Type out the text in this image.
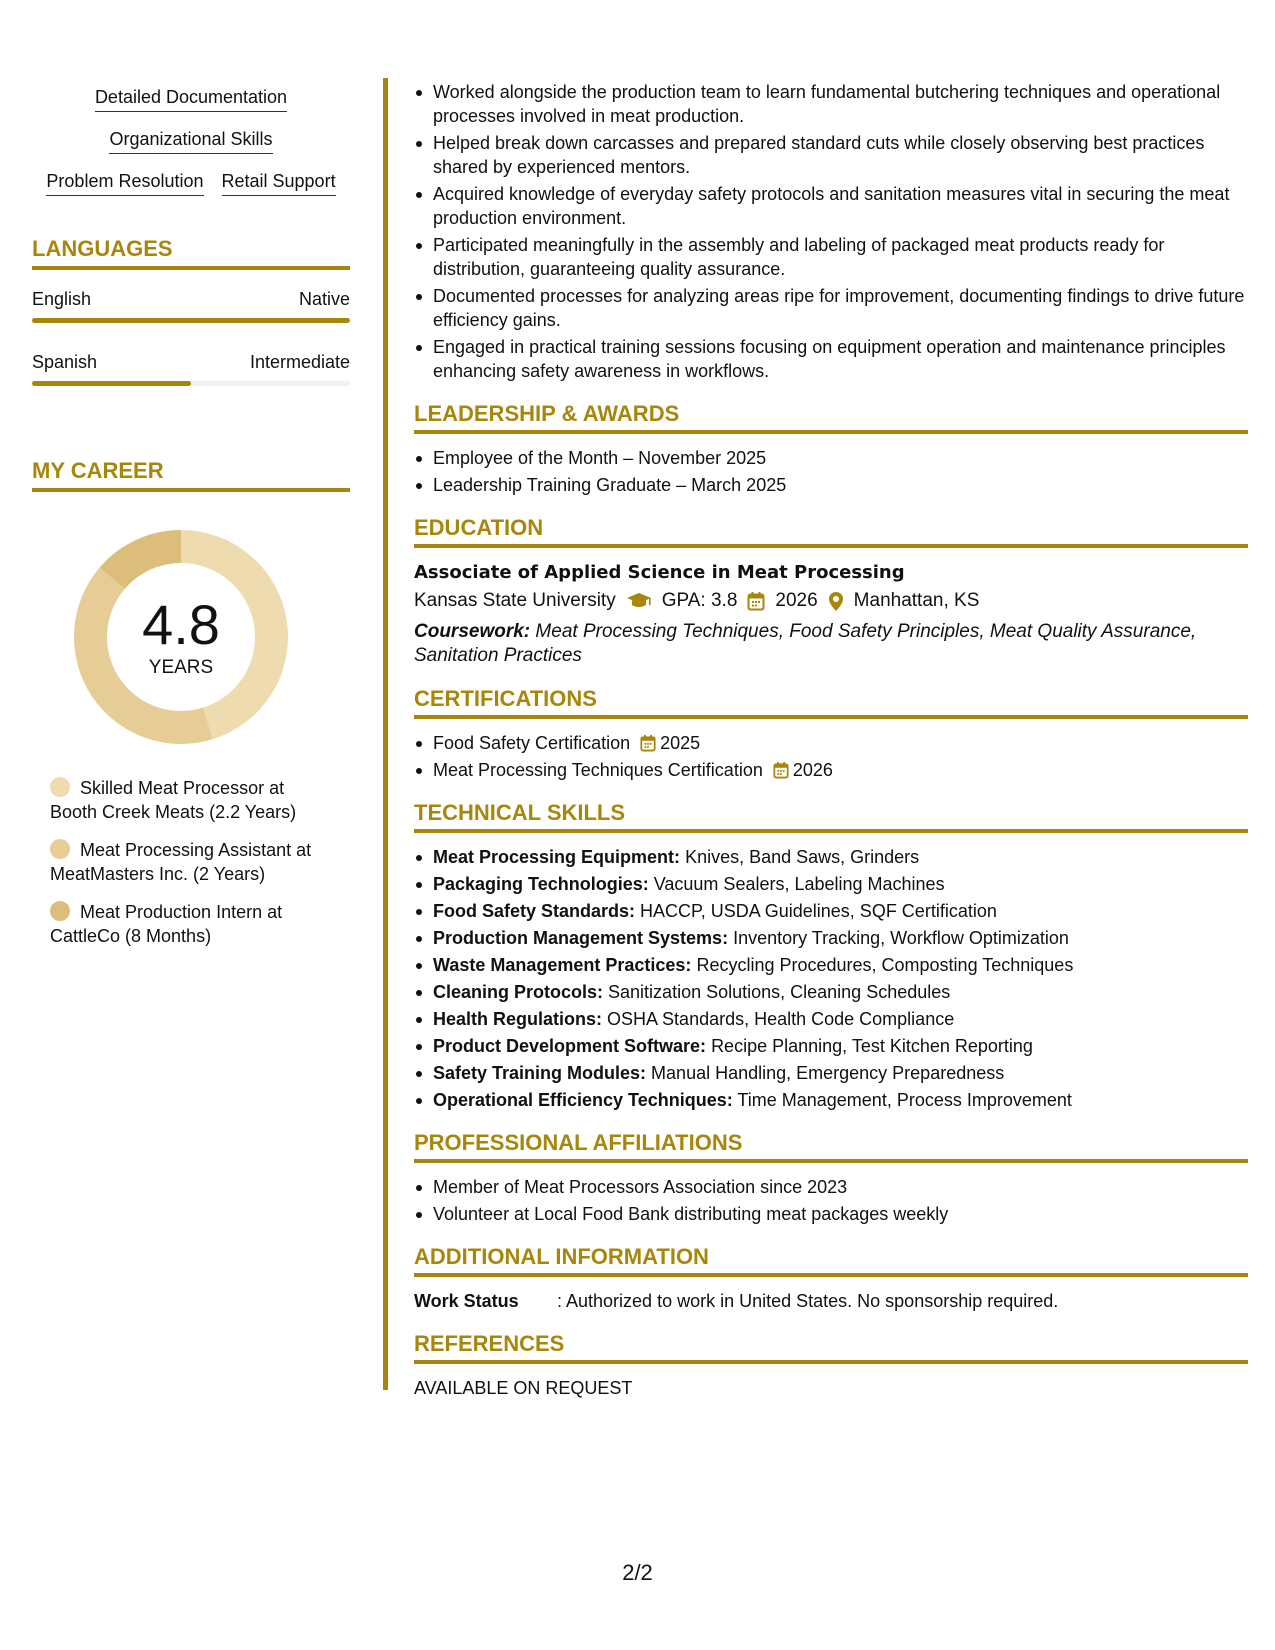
Detailed Documentation
Organizational Skills
Problem Resolution Retail Support
LANGUAGES
English	Native
Spanish	Intermediate
MY CAREER
4.8
YEARS
Skilled Meat Processor at Booth Creek Meats (2.2 Years)
Meat Processing Assistant at MeatMasters Inc. (2 Years)
Meat Production Intern at CattleCo (8 Months)
Worked alongside the production team to learn fundamental butchering techniques and operational processes involved in meat production.
Helped break down carcasses and prepared standard cuts while closely observing best practices shared by experienced mentors.
Acquired knowledge of everyday safety protocols and sanitation measures vital in securing the meat production environment.
Participated meaningfully in the assembly and labeling of packaged meat products ready for distribution, guaranteeing quality assurance.
Documented processes for analyzing areas ripe for improvement, documenting findings to drive future efficiency gains.
Engaged in practical training sessions focusing on equipment operation and maintenance principles enhancing safety awareness in workflows.
LEADERSHIP & AWARDS
Employee of the Month – November 2025
Leadership Training Graduate – March 2025
EDUCATION
Associate of Applied Science in Meat Processing
Kansas State University GPA: 3.8 2026 Manhattan, KS
Coursework: Meat Processing Techniques, Food Safety Principles, Meat Quality Assurance, Sanitation Practices
CERTIFICATIONS
Food Safety Certification 2025
Meat Processing Techniques Certification 2026
TECHNICAL SKILLS
Meat Processing Equipment: Knives, Band Saws, Grinders
Packaging Technologies: Vacuum Sealers, Labeling Machines
Food Safety Standards: HACCP, USDA Guidelines, SQF Certification
Production Management Systems: Inventory Tracking, Workflow Optimization
Waste Management Practices: Recycling Procedures, Composting Techniques
Cleaning Protocols: Sanitization Solutions, Cleaning Schedules
Health Regulations: OSHA Standards, Health Code Compliance
Product Development Software: Recipe Planning, Test Kitchen Reporting
Safety Training Modules: Manual Handling, Emergency Preparedness
Operational Efficiency Techniques: Time Management, Process Improvement
PROFESSIONAL AFFILIATIONS
Member of Meat Processors Association since 2023
Volunteer at Local Food Bank distributing meat packages weekly
ADDITIONAL INFORMATION
Work Status	: Authorized to work in United States. No sponsorship required.
REFERENCES
AVAILABLE ON REQUEST
2/2
